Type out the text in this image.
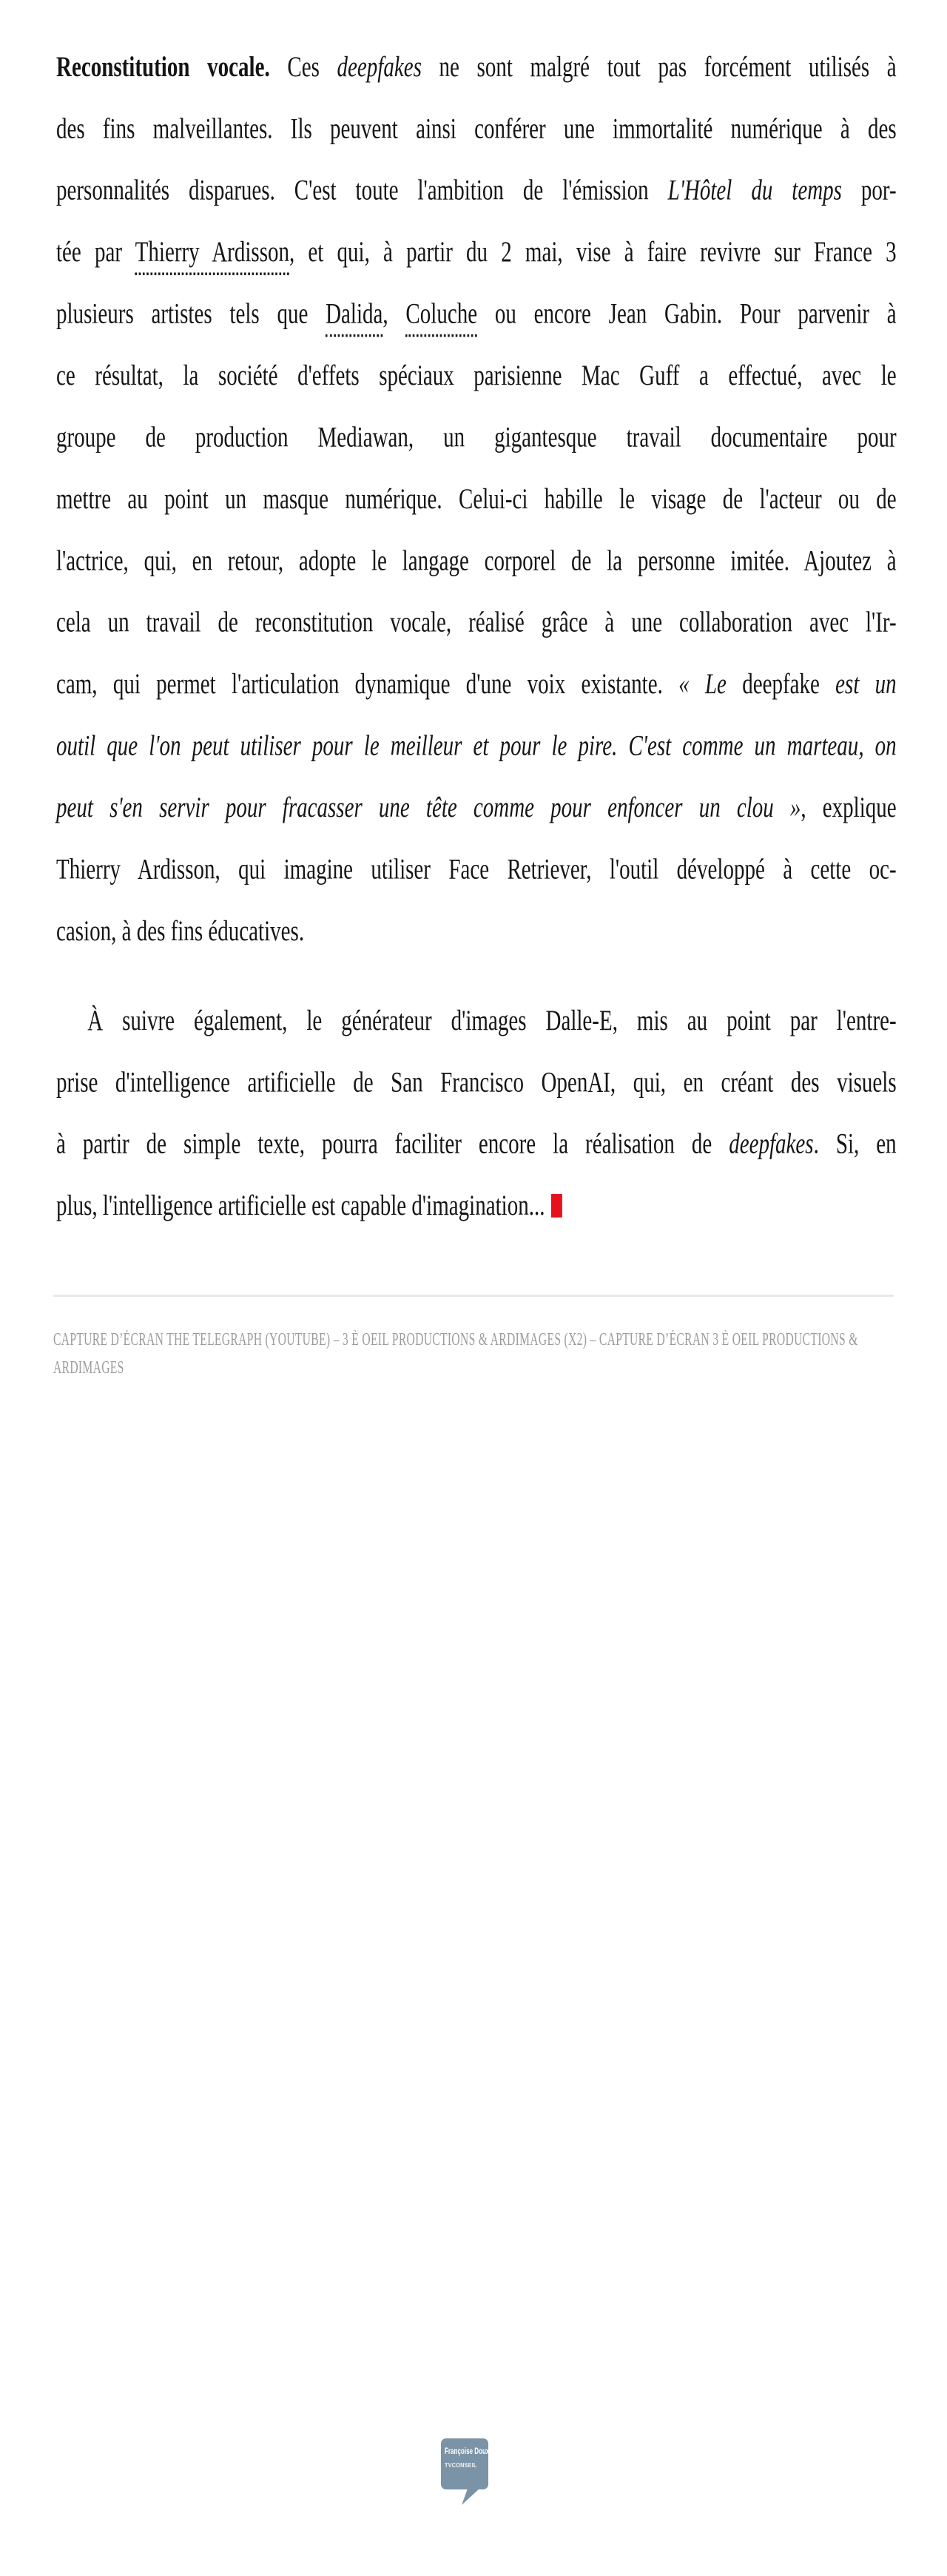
Reconstitution vocale. Ces deepfakes ne sont malgré tout pas forcément utilisés à
des fins malveillantes. Ils peuvent ainsi conférer une immortalité numérique à des
personnalités disparues. C'est toute l'ambition de l'émission L'Hôtel du temps por-
tée par Thierry Ardisson, et qui, à partir du 2 mai, vise à faire revivre sur France 3
plusieurs artistes tels que Dalida, Coluche ou encore Jean Gabin. Pour parvenir à
ce résultat, la société d'effets spéciaux parisienne Mac Guff a effectué, avec le
groupe de production Mediawan, un gigantesque travail documentaire pour
mettre au point un masque numérique. Celui-ci habille le visage de l'acteur ou de
l'actrice, qui, en retour, adopte le langage corporel de la personne imitée. Ajoutez à
cela un travail de reconstitution vocale, réalisé grâce à une collaboration avec l'Ir-
cam, qui permet l'articulation dynamique d'une voix existante. « Le deepfake est un
outil que l'on peut utiliser pour le meilleur et pour le pire. C'est comme un marteau, on
peut s'en servir pour fracasser une tête comme pour enfoncer un clou », explique
Thierry Ardisson, qui imagine utiliser Face Retriever, l'outil développé à cette oc-
casion, à des fins éducatives.
À suivre également, le générateur d'images Dalle-E, mis au point par l'entre-
prise d'intelligence artificielle de San Francisco OpenAI, qui, en créant des visuels
à partir de simple texte, pourra faciliter encore la réalisation de deepfakes. Si, en
plus, l'intelligence artificielle est capable d'imagination...
CAPTURE D’ÉCRAN THE TELEGRAPH (YOUTUBE) – 3 È OEIL PRODUCTIONS & ARDIMAGES (X2) – CAPTURE D’ÉCRAN 3 È OEIL PRODUCTIONS &
ARDIMAGES
Françoise Doux
TVCONSEIL
